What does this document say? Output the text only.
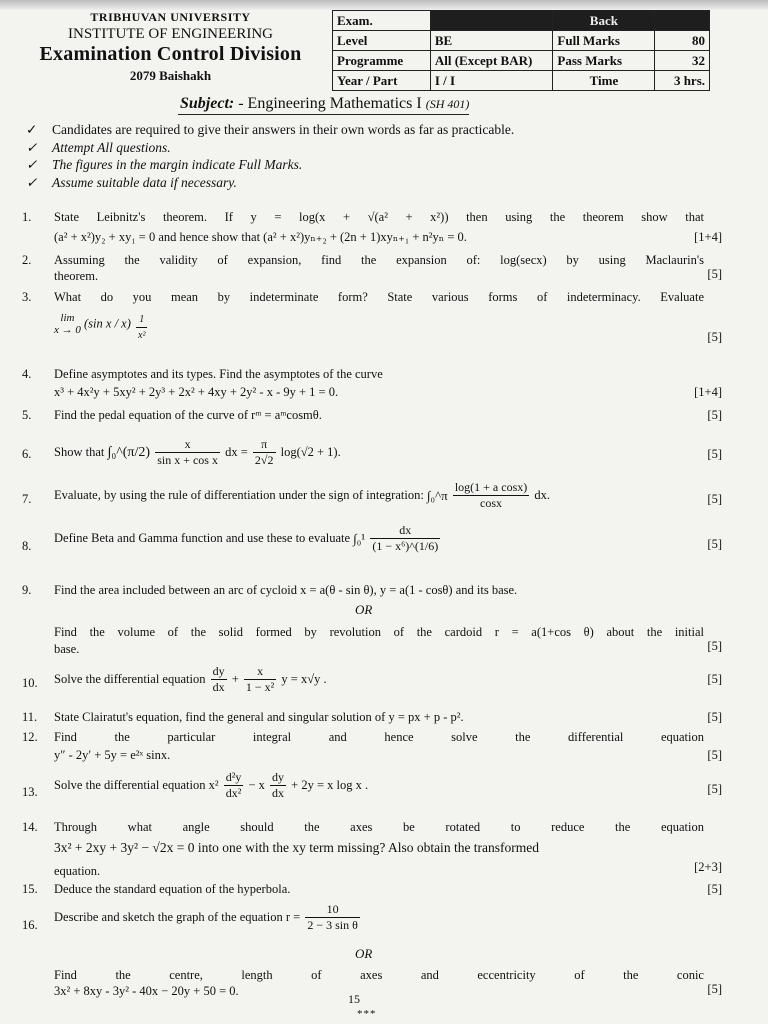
TRIBHUVAN UNIVERSITY
INSTITUTE OF ENGINEERING
Examination Control Division
2079 Baishakh
Exam.		Back	
Level	BE	Full Marks	80
Programme	All (Except BAR)	Pass Marks	32
Year / Part	I / I	Time	3 hrs.
Subject: - Engineering Mathematics I (SH 401)
✓	Candidates are required to give their answers in their own words as far as practicable.
✓	Attempt All questions.
✓	The figures in the margin indicate Full Marks.
✓	Assume suitable data if necessary.
1.	State Leibnitz's theorem. If y = log(x + √(a² + x²)) then using the theorem show that
(a² + x²)y₂ + xy₁ = 0 and hence show that (a² + x²)yₙ₊₂ + (2n + 1)xyₙ₊₁ + n²yₙ = 0.	[1+4]
2.	Assuming the validity of expansion, find the expansion of: log(secx) by using Maclaurin's
theorem.	[5]
3.	What do you mean by indeterminate form? State various forms of indeterminacy. Evaluate
lim
x → 0 (sin x / $x) \frac{1}{\text{x²}}$	[5]
4.	Define asymptotes and its types. Find the asymptotes of the curve
x³ + 4x²y + 5xy² + 2y³ + 2x² + 4xy + 2y² - x - 9y + 1 = 0.	[1+4]
5.	Find the pedal equation of the curve of rᵐ = aᵐcosmθ.	[5]
6.	Show that ∫₀^(π/2) $\frac{x}{\text{sin x + cos x}}$ dx = $\frac{\pi}{2√2} \log(√2 + 1)$.	[5]
7.	Evaluate, by using the rule of differentiation under the sign of integration: ∫₀^π $\frac{\text{log(1 + a cosx)}}{\cos x}$ dx.	[5]
8.
Define Beta and Gamma function and use these to evaluate $\int_0^1 \frac{dx}{\text{(1 − x⁶)\textasciicircum{}(1/6)}}$	[5]
9.	Find the area included between an arc of cycloid x = a(θ - sin θ), y = a(1 - cosθ) and its base.
Find the volume of the solid formed by revolution of the cardoid r = a(1+cos θ) about the initial
base.	[5]
OR
10.	Solve the differential equation $\frac{dy}{dx} + \frac{x}{\text{1 − x²}}$ y = x√y .	[5]
11.	State Clairatut's equation, find the general and singular solution of y = px + p - p².	[5]
12.	Find the particular integral and hence solve the differential equation
y″ - 2y′ + 5y = e²ˣ sinx.	[5]
13.	Solve the differential equation $x^2 \frac{\text{d²y}}{\text{dx²}} - x \frac{dy}{dx} + 2y = x$ log x .	[5]
14.	Through what angle should the axes be rotated to reduce the equation
3x² + 2xy + 3y² − √2x = 0 into one with the xy term missing? Also obtain the transformed
equation.	[2+3]
15.	Deduce the standard equation of the hyperbola.	[5]
16.
Describe and sketch the graph of the equation $r = \frac{10}{\text{2 − 3 sin θ}}$
Find the centre, length of axes and eccentricity of the conic
3x² + 8xy - 3y² - 40x − 20y + 50 = 0.	[5]
OR
15
***
